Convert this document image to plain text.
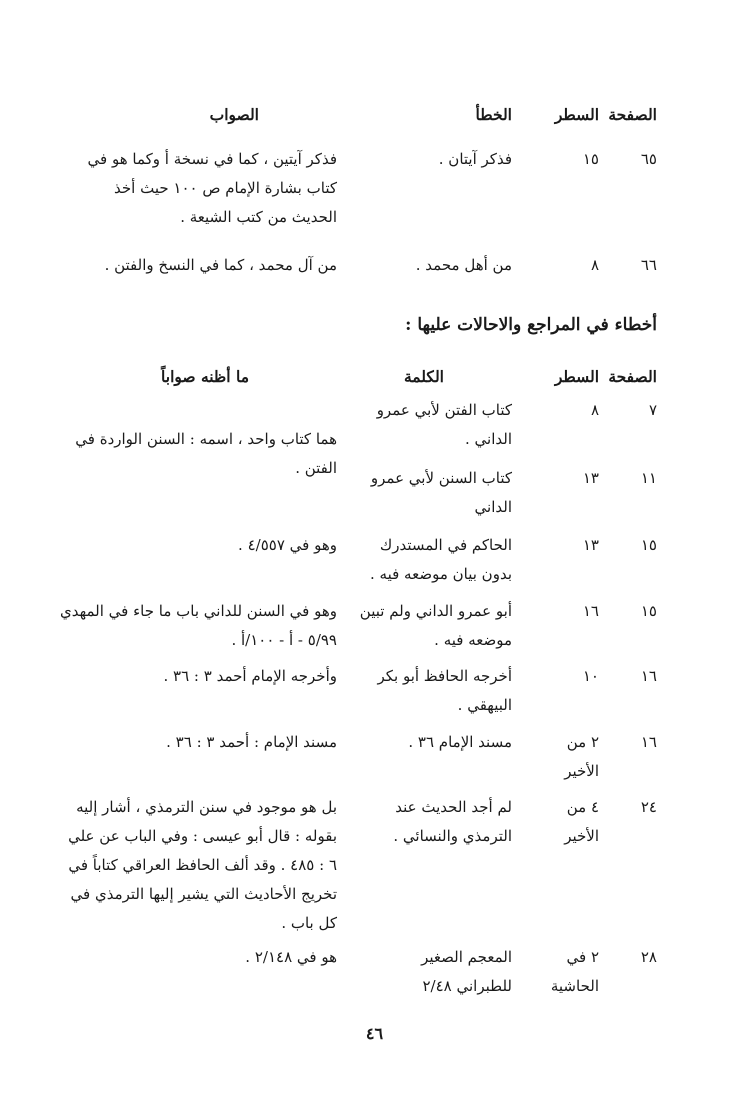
الصفحة
السطر
الخطأ
الصواب
٦٥
١٥
فذكر آيتان .
فذكر آيتين ، كما في نسخة أ وكما هو في كتاب بشارة الإمام ص ١٠٠ حيث أخذ الحديث من كتب الشيعة .
٦٦
٨
من أهل محمد .
من آل محمد ، كما في النسخ والفتن .
أخطاء في المراجع والاحالات عليها :
الصفحة
السطر
الكلمة
ما أظنه صواباً
٧
٨
كتاب الفتن لأبي عمرو الداني .
هما كتاب واحد ، اسمه : السنن الواردة في الفتن .
١١
١٣
كتاب السنن لأبي عمرو الداني
١٥
١٣
الحاكم في المستدرك بدون بيان موضعه فيه .
وهو في ٤/٥٥٧ .
١٥
١٦
أبو عمرو الداني ولم تبين موضعه فيه .
وهو في السنن للداني باب ما جاء في المهدي ٥/٩٩ - أ - ١٠٠/أ .
١٦
١٠
أخرجه الحافظ أبو بكر البيهقي .
وأخرجه الإمام أحمد ٣ : ٣٦ .
١٦
٢ من الأخير
مسند الإمام ٣٦ .
مسند الإمام : أحمد ٣ : ٣٦ .
٢٤
٤ من الأخير
لم أجد الحديث عند الترمذي والنسائي .
بل هو موجود في سنن الترمذي ، أشار إليه بقوله : قال أبو عيسى : وفي الباب عن علي ٦ : ٤٨٥ . وقد ألف الحافظ العراقي كتاباً في تخريج الأحاديث التي يشير إليها الترمذي في كل باب .
٢٨
٢ في الحاشية
المعجم الصغير للطبراني ٢/٤٨
هو في ٢/١٤٨ .
٤٦
